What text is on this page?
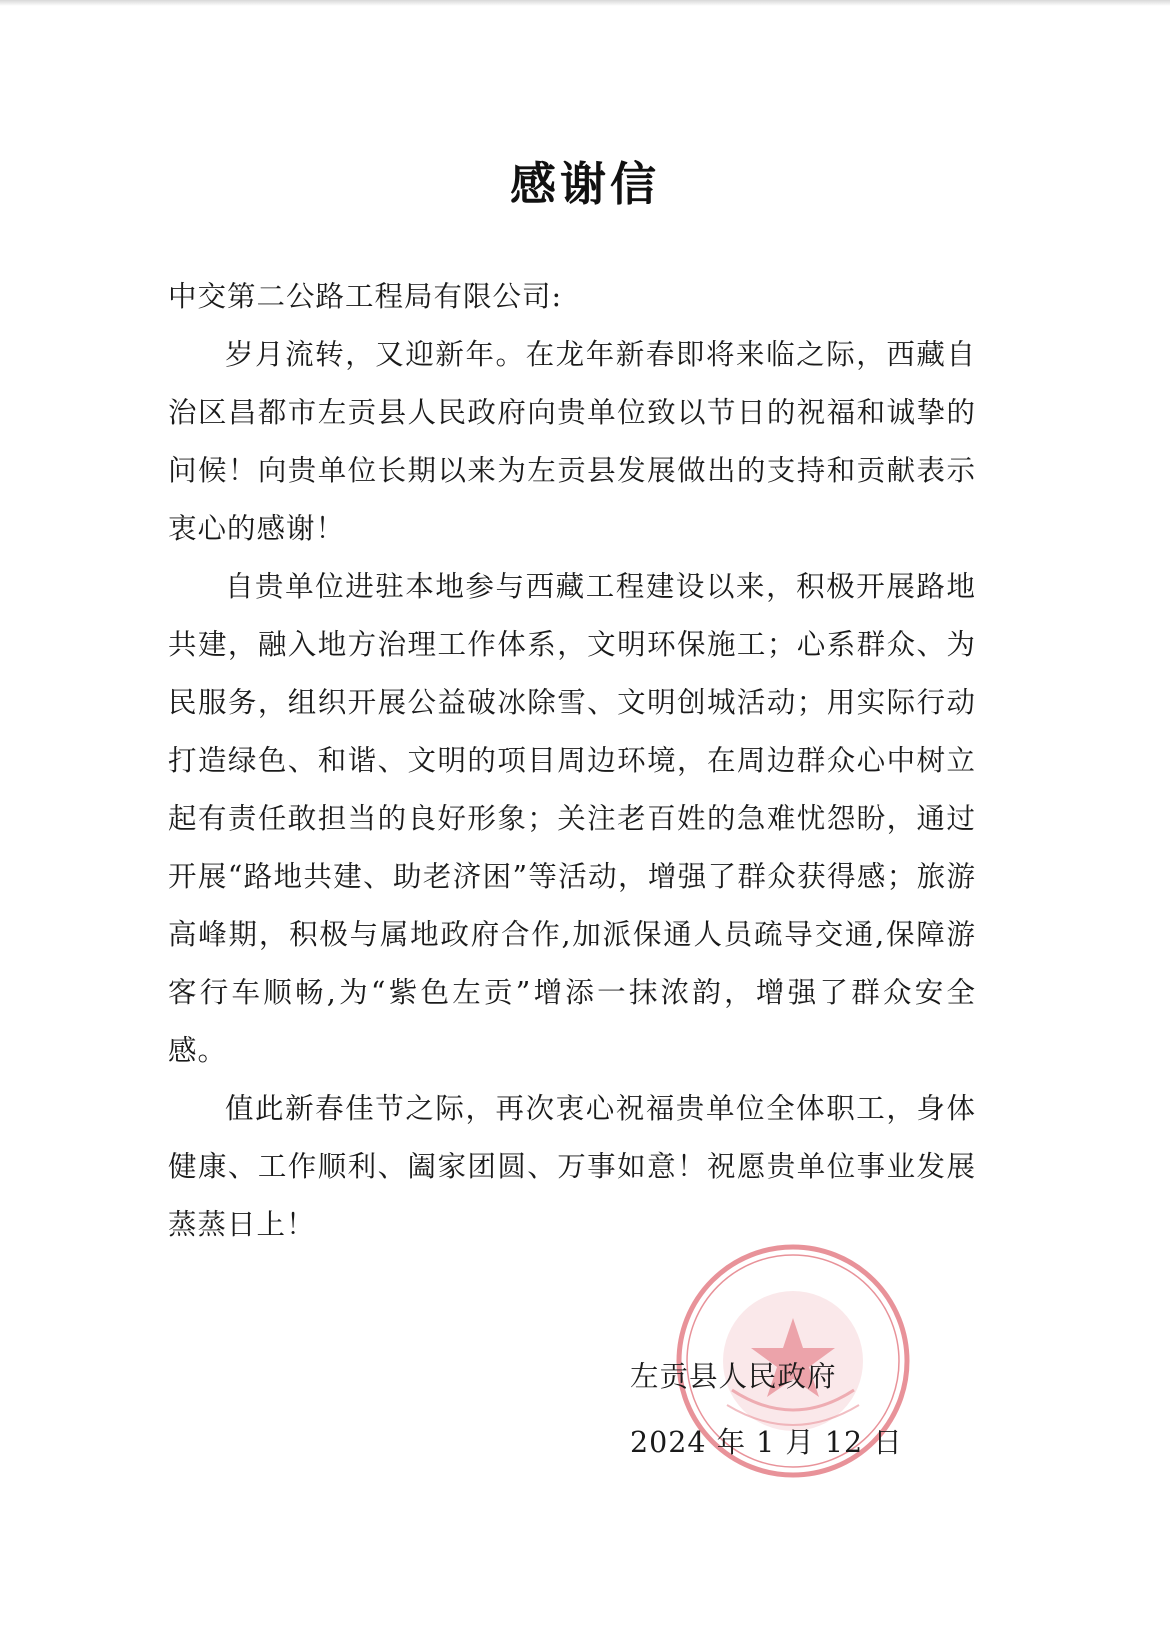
感谢信

中交第二公路工程局有限公司:

岁月流转，又迎新年。在龙年新春即将来临之际，西藏自治区昌都市左贡县人民政府向贵单位致以节日的祝福和诚挚的问候！向贵单位长期以来为左贡县发展做出的支持和贡献表示衷心的感谢！

自贵单位进驻本地参与西藏工程建设以来，积极开展路地共建，融入地方治理工作体系，文明环保施工；心系群众、为民服务，组织开展公益破冰除雪、文明创城活动；用实际行动打造绿色、和谐、文明的项目周边环境，在周边群众心中树立起有责任敢担当的良好形象；关注老百姓的急难忧怨盼，通过开展“路地共建、助老济困”等活动，增强了群众获得感；旅游高峰期，积极与属地政府合作,加派保通人员疏导交通,保障游客行车顺畅,为“紫色左贡”增添一抹浓韵，增强了群众安全感。

值此新春佳节之际，再次衷心祝福贵单位全体职工，身体健康、工作顺利、阖家团圆、万事如意！祝愿贵单位事业发展蒸蒸日上！

左贡县人民政府
2024 年 1 月 12 日
